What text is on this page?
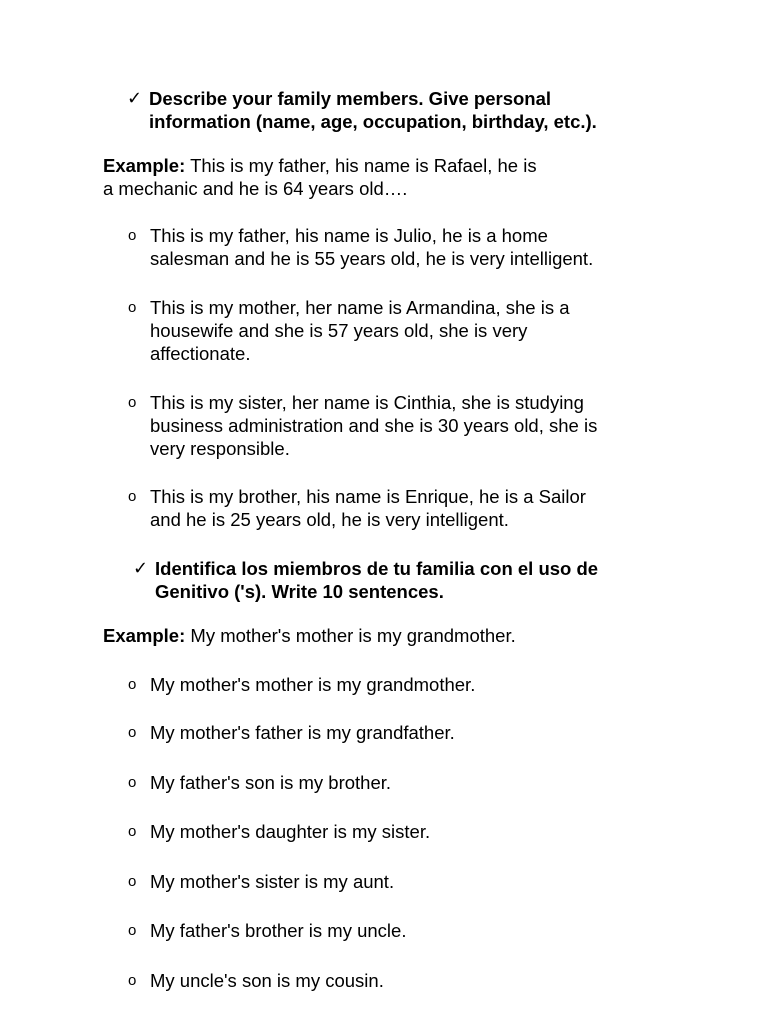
✓ Describe your family members. Give personal
information (name, age, occupation, birthday, etc.).
Example: This is my father, his name is Rafael, he is
a mechanic and he is 64 years old….
o This is my father, his name is Julio, he is a home
salesman and he is 55 years old, he is very intelligent.
o This is my mother, her name is Armandina, she is a
housewife and she is 57 years old, she is very
affectionate.
o This is my sister, her name is Cinthia, she is studying
business administration and she is 30 years old, she is
very responsible.
o This is my brother, his name is Enrique, he is a Sailor
and he is 25 years old, he is very intelligent.
✓ Identifica los miembros de tu familia con el uso de
Genitivo ('s). Write 10 sentences.
Example: My mother's mother is my grandmother.
o My mother's mother is my grandmother.
o My mother's father is my grandfather.
o My father's son is my brother.
o My mother's daughter is my sister.
o My mother's sister is my aunt.
o My father's brother is my uncle.
o My uncle's son is my cousin.
